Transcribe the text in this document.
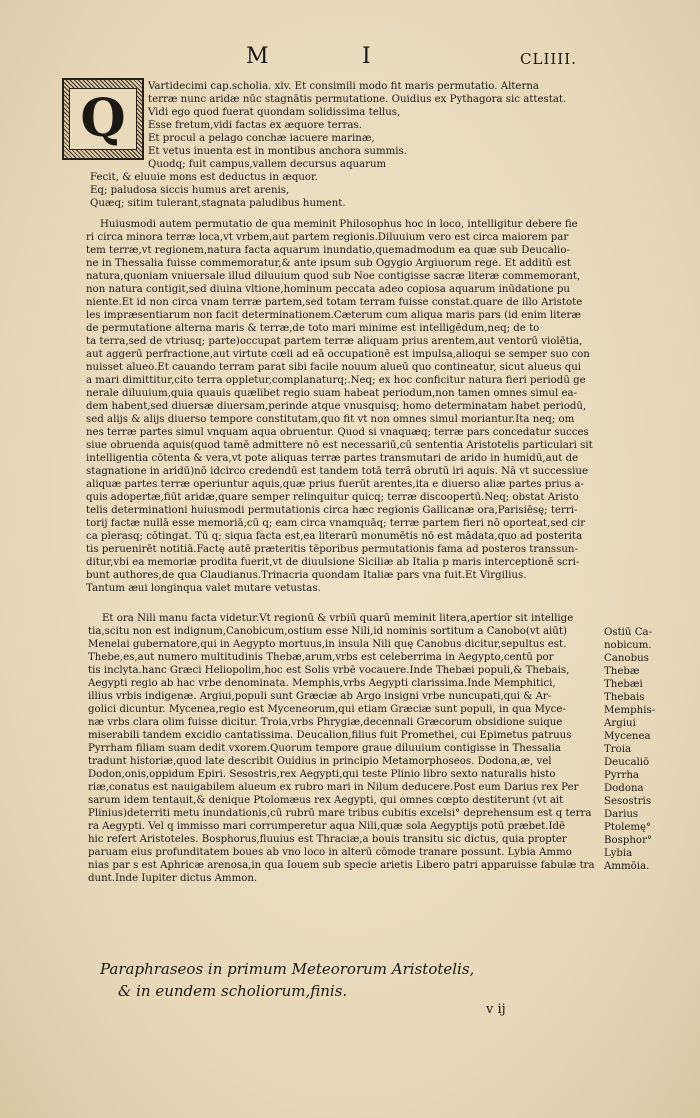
M	I	CLIIII.
Q
Vartidecimi cap.scholia. xlv. Et consimili modo fit maris permutatio. Alterna
terræ nunc aridæ nūc stagnātis permutatione. Ouidius ex Pythagora sic attestat.
Vidi ego quod fuerat quondam solidissima tellus,
Esse fretum,vidi factas ex æquore terras.
Et procul a pelago conchæ iacuere marinæ,
Et vetus inuenta est in montibus anchora summis.
Quodq; fuit campus,vallem decursus aquarum
Fecit, & eluuie mons est deductus in æquor.
Eq; paludosa siccis humus aret arenis,
Quæq; sitim tulerant,stagnata paludibus hument.
Huiusmodi autem permutatio de qua meminit Philosophus hoc in loco, intelligitur debere fie
ri circa minora terræ loca,vt vrbem,aut partem regionis.Diluuium vero est circa maiorem par
tem terræ,vt regionem,natura facta aquarum inundatio,quemadmodum ea quæ sub Deucalio-
ne in Thessalia fuisse commemoratur,& ante ipsum sub Ogygio Argiuorum rege. Et additū est
natura,quoniam vniuersale illud diluuium quod sub Noe contigisse sacræ literæ commemorant,
non natura contigit,sed diuina vltione,hominum peccata adeo copiosa aquarum inūdatione pu
niente.Et id non circa vnam terræ partem,sed totam terram fuisse constat.quare de illo Aristote
les impræsentiarum non facit determinationem.Cæterum cum aliqua maris pars (id enim literæ
de permutatione alterna maris & terræ,de toto mari minime est intelligēdum,neq; de to
ta terra,sed de vtriusq; parte)occupat partem terræ aliquam prius arentem,aut ventorū violētia,
aut aggerū perfractione,aut virtute cœli ad eā occupationē est impulsa,alioqui se semper suo con
nuisset alueo.Et cauando terram parat sibi facile nouum alueū quo contineatur, sicut alueus qui
a mari dimittitur,cito terra oppletur,complanaturq;.Neq; ex hoc conficitur natura fieri periodū ge
nerale diluuium,quia quauis quælibet regio suam habeat periodum,non tamen omnes simul ea-
dem habent,sed diuersæ diuersam,perinde atque vnusquisq; homo determinatam habet periodū,
sed alijs & alijs diuerso tempore constitutam,quo fit vt non omnes simul moriantur.Ita neq; om
nes terræ partes simul vnquam aqua obruentur. Quod si vnaquæq; terræ pars concedatur succes
siue obruenda aquis(quod tamē admittere nō est necessariū,cū sententia Aristotelis particulari sit
intelligentia cōtenta & vera,vt pote aliquas terræ partes transmutari de arido in humidū,aut de
stagnatione in aridū)nō idcirco credendū est tandem totā terrā obrutū iri aquis. Nā vt successiue
aliquæ partes terræ operiuntur aquis,quæ prius fuerūt arentes,ita e diuerso aliæ partes prius a-
quis adopertæ,fiūt aridæ,quare semper relinquitur quicq; terræ discoopertū.Neq; obstat Aristo
telis determinationi huiusmodi permutationis circa hæc regionis Gallicanæ ora,Parisiēsę; terri-
torij factæ nullā esse memoriā,cū q; eam circa vnamquāq; terræ partem fieri nō oporteat,sed cir
ca plerasq; cōtingat. Tū q; siqua facta est,ea literarū monumētis nō est mādata,quo ad posterita
tis peruenirēt notitiā.Factę autē præteritis tēporibus permutationis fama ad posteros transsun-
ditur,vbi ea memoriæ prodita fuerit,vt de diuulsione Siciliæ ab Italia p maris interceptionē scri-
bunt authores,de qua Claudianus.Trinacria quondam Italiæ pars vna fuit.Et Virgilius.
Tantum æui longinqua valet mutare vetustas.
Et ora Nili manu facta videtur.Vt regionū & vrbiū quarū meminit litera,apertior sit intellige
tia,scitu non est indignum,Canobicum,ostium esse Nili,id nominis sortitum a Canobo(vt aiūt)
Menelai gubernatore,qui in Aegypto mortuus,in insula Nili quę Canobus dicitur,sepultus est.
Thebe,es,aut numero multitudinis Thebæ,arum,vrbs est celeberrima in Aegypto,centū por
tis inclyta.hanc Græci Heliopolim,hoc est Solis vrbē vocauere.Inde Thebæi populi,& Thebais,
Aegypti regio ab hac vrbe denominata. Memphis,vrbs Aegypti clarissima.Inde Memphitici,
illius vrbis indigenæ. Argiui,populi sunt Græciæ ab Argo insigni vrbe nuncupati,qui & Ar-
golici dicuntur. Mycenea,regio est Myceneorum,qui etiam Græciæ sunt populi, in qua Myce-
næ vrbs clara olim fuisse dicitur. Troia,vrbs Phrygiæ,decennali Græcorum obsidione suique
miserabili tandem excidio cantatissima. Deucalion,filius fuit Promethei, cui Epimetus patruus
Pyrrham filiam suam dedit vxorem.Quorum tempore graue diluuium contigisse in Thessalia
tradunt historiæ,quod late describit Ouidius in principio Metamorphoseos. Dodona,æ, vel
Dodon,onis,oppidum Epiri. Sesostris,rex Aegypti,qui teste Plinio libro sexto naturalis histo
riæ,conatus est nauigabilem alueum ex rubro mari in Nilum deducere.Post eum Darius rex Per
sarum idem tentauit,& denique Ptolomæus rex Aegypti, qui omnes cœpto destiterunt (vt ait
Plinius)deterriti metu inundationis,cū rubrū mare tribus cubitis excelsi° deprehensum est q terra
ra Aegypti. Vel q immisso mari corrumperetur aqua Nili,quæ sola Aegyptijs potū præbet.Idē
hic refert Aristoteles. Bosphorus,fluuius est Thraciæ,a bouis transitu sic dictus, quia propter
paruam eius profunditatem boues ab vno loco in alterū cōmode tranare possunt. Lybia Ammo
nias par s est Aphricæ arenosa,in qua Iouem sub specie arietis Libero patri apparuisse fabulæ tra
dunt.Inde Iupiter dictus Ammon.
Ostiū Ca-
nobicum.
Canobus
Thebæ
Thebæi
Thebais
Memphis-
Argiui
Mycenea
Troia
Deucaliō
Pyrrha
Dodona
Sesostris
Darius
Ptolemę°
Bosphor°
Lybia
Ammōia.
Paraphraseos in primum Meteororum Aristotelis,
& in eundem scholiorum,finis.
v ij
